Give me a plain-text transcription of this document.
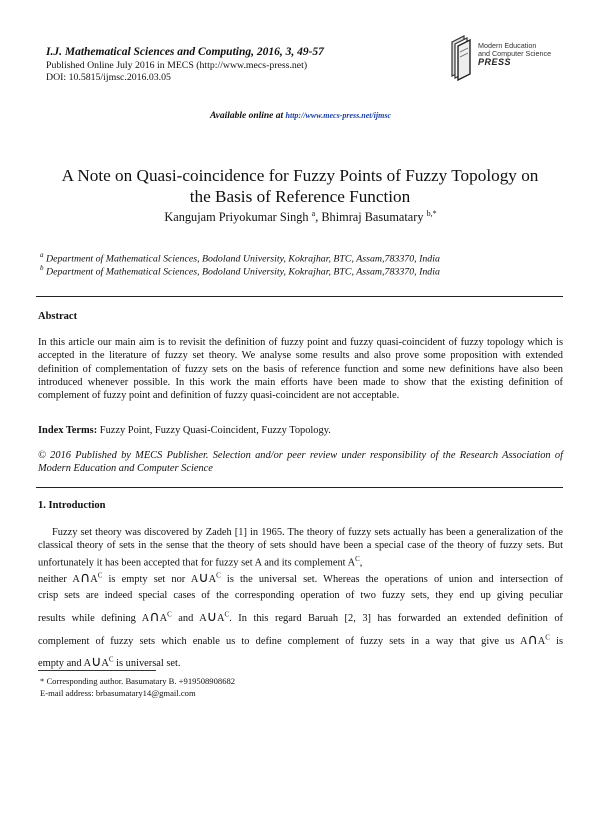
I.J. Mathematical Sciences and Computing, 2016, 3, 49-57
Published Online July 2016 in MECS (http://www.mecs-press.net)
DOI: 10.5815/ijmsc.2016.03.05
Modern Education
and Computer Science
PRESS
Available online at http://www.mecs-press.net/ijmsc
A Note on Quasi-coincidence for Fuzzy Points of Fuzzy Topology on
the Basis of Reference Function
Kangujam Priyokumar Singh $^a$, Bhimraj Basumatary $^{b,*}$
$^a$ Department of Mathematical Sciences, Bodoland University, Kokrajhar, BTC, Assam,783370, India
$^b$ Department of Mathematical Sciences, Bodoland University, Kokrajhar, BTC, Assam,783370, India
Abstract
In this article our main aim is to revisit the definition of fuzzy point and fuzzy quasi-coincident of fuzzy topology which is accepted in the literature of fuzzy set theory. We analyse some results and also prove some proposition with extended definition of complementation of fuzzy sets on the basis of reference function and some new definitions have also been introduced whenever possible. In this work the main efforts have been made to show that the existing definition of complement of fuzzy point and definition of fuzzy quasi-coincident are not acceptable.
Index Terms: Fuzzy Point, Fuzzy Quasi-Coincident, Fuzzy Topology.
© 2016 Published by MECS Publisher. Selection and/or peer review under responsibility of the Research Association of Modern Education and Computer Science
1. Introduction
Fuzzy set theory was discovered by Zadeh [1] in 1965. The theory of fuzzy sets actually has been a generalization of the classical theory of sets in the sense that the theory of sets should have been a special case of the theory of fuzzy sets. But unfortunately it has been accepted that for fuzzy set A and its complement $A^C$,
neither $A\cap A^C$ is empty set nor $A\cup A^C$ is the universal set. Whereas the operations of union and intersection of
crisp sets are indeed special cases of the corresponding operation of two fuzzy sets, they end up giving peculiar
results while defining $A\cap A^C$ and $A\cup A^C$. In this regard Baruah [2, 3] has forwarded an extended definition of
complement of fuzzy sets which enable us to define complement of fuzzy sets in a way that give us $A\cap A^C$ is
empty and $A\cup A^C$ is universal set.
* Corresponding author. Basumatary B. +919508908682
E-mail address: brbasumatary14@gmail.com
